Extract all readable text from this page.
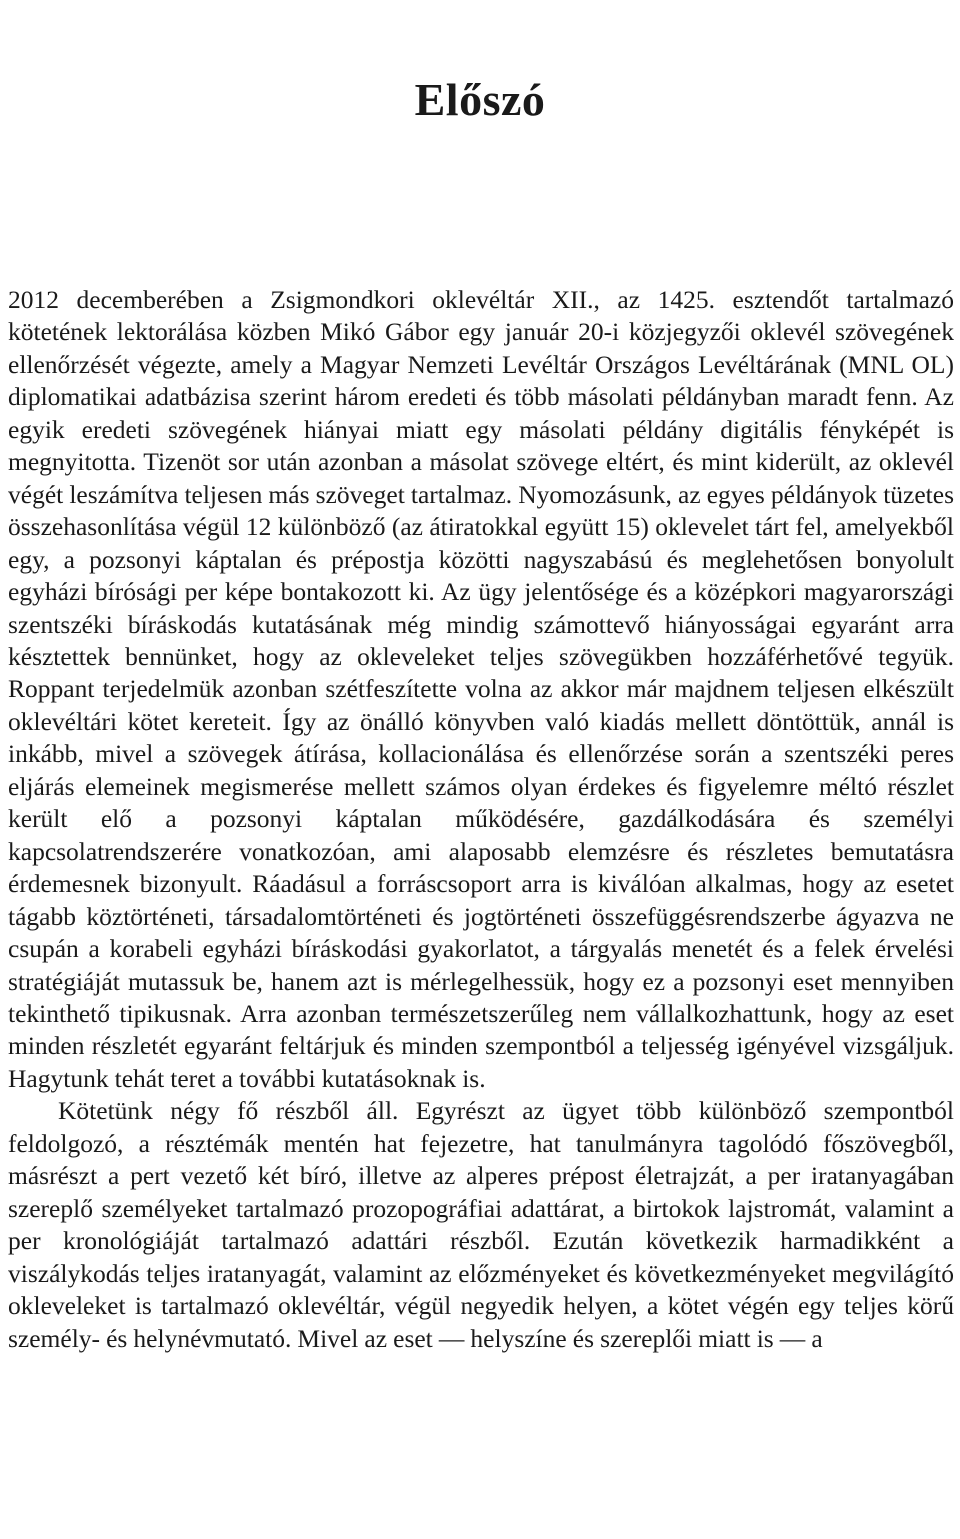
Előszó

2012 decemberében a Zsigmondkori oklevéltár XII., az 1425. esztendőt tartalmazó kötetének lektorálása közben Mikó Gábor egy január 20-i közjegyzői oklevél szövegének ellenőrzését végezte, amely a Magyar Nemzeti Levéltár Országos Levéltárának (MNL OL) diplomatikai adatbázisa szerint három eredeti és több másolati példányban maradt fenn. Az egyik eredeti szövegének hiányai miatt egy másolati példány digitális fényképét is megnyitotta. Tizenöt sor után azonban a másolat szövege eltért, és mint kiderült, az oklevél végét leszámítva teljesen más szöveget tartalmaz. Nyomozásunk, az egyes példányok tüzetes összehasonlítása végül 12 különböző (az átiratokkal együtt 15) oklevelet tárt fel, amelyekből egy, a pozsonyi káptalan és prépostja közötti nagyszabású és meglehetősen bonyolult egyházi bírósági per képe bontakozott ki. Az ügy jelentősége és a középkori magyarországi szentszéki bíráskodás kutatásának még mindig számottevő hiányosságai egyaránt arra késztettek bennünket, hogy az okleveleket teljes szövegükben hozzáférhetővé tegyük. Roppant terjedelmük azonban szétfeszítette volna az akkor már majdnem teljesen elkészült oklevéltári kötet kereteit. Így az önálló könyvben való kiadás mellett döntöttük, annál is inkább, mivel a szövegek átírása, kollacionálása és ellenőrzése során a szentszéki peres eljárás elemeinek megismerése mellett számos olyan érdekes és figyelemre méltó részlet került elő a pozsonyi káptalan működésére, gazdálkodására és személyi kapcsolatrendszerére vonatkozóan, ami alaposabb elemzésre és részletes bemutatásra érdemesnek bizonyult. Ráadásul a forráscsoport arra is kiválóan alkalmas, hogy az esetet tágabb köztörténeti, társadalomtörténeti és jogtörténeti összefüggésrendszerbe ágyazva ne csupán a korabeli egyházi bíráskodási gyakorlatot, a tárgyalás menetét és a felek érvelési stratégiáját mutassuk be, hanem azt is mérlegelhessük, hogy ez a pozsonyi eset mennyiben tekinthető tipikusnak. Arra azonban természetszerűleg nem vállalkozhattunk, hogy az eset minden részletét egyaránt feltárjuk és minden szempontból a teljesség igényével vizsgáljuk. Hagytunk tehát teret a további kutatásoknak is.

Kötetünk négy fő részből áll. Egyrészt az ügyet több különböző szempontból feldolgozó, a résztémák mentén hat fejezetre, hat tanulmányra tagolódó főszövegből, másrészt a pert vezető két bíró, illetve az alperes prépost életrajzát, a per iratanyagában szereplő személyeket tartalmazó prozopográfiai adattárat, a birtokok lajstromát, valamint a per kronológiáját tartalmazó adattári részből. Ezután következik harmadikként a viszálykodás teljes iratanyagát, valamint az előzményeket és következményeket megvilágító okleveleket is tartalmazó oklevéltár, végül negyedik helyen, a kötet végén egy teljes körű személy- és helynévmutató. Mivel az eset — helyszíne és szereplői miatt is — a
